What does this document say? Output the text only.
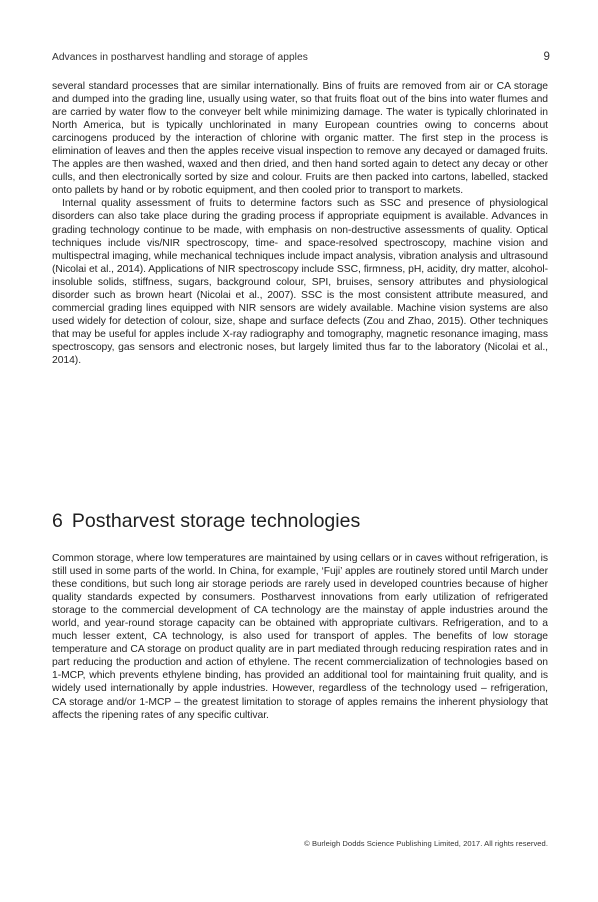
Advances in postharvest handling and storage of apples	9

several standard processes that are similar internationally. Bins of fruits are removed from air or CA storage and dumped into the grading line, usually using water, so that fruits float out of the bins into water flumes and are carried by water flow to the conveyer belt while minimizing damage. The water is typically chlorinated in North America, but is typically unchlorinated in many European countries owing to concerns about carcinogens produced by the interaction of chlorine with organic matter. The first step in the process is elimination of leaves and then the apples receive visual inspection to remove any decayed or damaged fruits. The apples are then washed, waxed and then dried, and then hand sorted again to detect any decay or other culls, and then electronically sorted by size and colour. Fruits are then packed into cartons, labelled, stacked onto pallets by hand or by robotic equipment, and then cooled prior to transport to markets.

Internal quality assessment of fruits to determine factors such as SSC and presence of physiological disorders can also take place during the grading process if appropriate equipment is available. Advances in grading technology continue to be made, with emphasis on non-destructive assessments of quality. Optical techniques include vis/NIR spectroscopy, time- and space-resolved spectroscopy, machine vision and multispectral imaging, while mechanical techniques include impact analysis, vibration analysis and ultrasound (Nicolai et al., 2014). Applications of NIR spectroscopy include SSC, firmness, pH, acidity, dry matter, alcohol-insoluble solids, stiffness, sugars, background colour, SPI, bruises, sensory attributes and physiological disorder such as brown heart (Nicolai et al., 2007). SSC is the most consistent attribute measured, and commercial grading lines equipped with NIR sensors are widely available. Machine vision systems are also used widely for detection of colour, size, shape and surface defects (Zou and Zhao, 2015). Other techniques that may be useful for apples include X-ray radiography and tomography, magnetic resonance imaging, mass spectroscopy, gas sensors and electronic noses, but largely limited thus far to the laboratory (Nicolai et al., 2014).

6 Postharvest storage technologies

Common storage, where low temperatures are maintained by using cellars or in caves without refrigeration, is still used in some parts of the world. In China, for example, ‘Fuji’ apples are routinely stored until March under these conditions, but such long air storage periods are rarely used in developed countries because of higher quality standards expected by consumers. Postharvest innovations from early utilization of refrigerated storage to the commercial development of CA technology are the mainstay of apple industries around the world, and year-round storage capacity can be obtained with appropriate cultivars. Refrigeration, and to a much lesser extent, CA technology, is also used for transport of apples. The benefits of low storage temperature and CA storage on product quality are in part mediated through reducing respiration rates and in part reducing the production and action of ethylene. The recent commercialization of technologies based on 1-MCP, which prevents ethylene binding, has provided an additional tool for maintaining fruit quality, and is widely used internationally by apple industries. However, regardless of the technology used – refrigeration, CA storage and/or 1-MCP – the greatest limitation to storage of apples remains the inherent physiology that affects the ripening rates of any specific cultivar.

© Burleigh Dodds Science Publishing Limited, 2017. All rights reserved.
